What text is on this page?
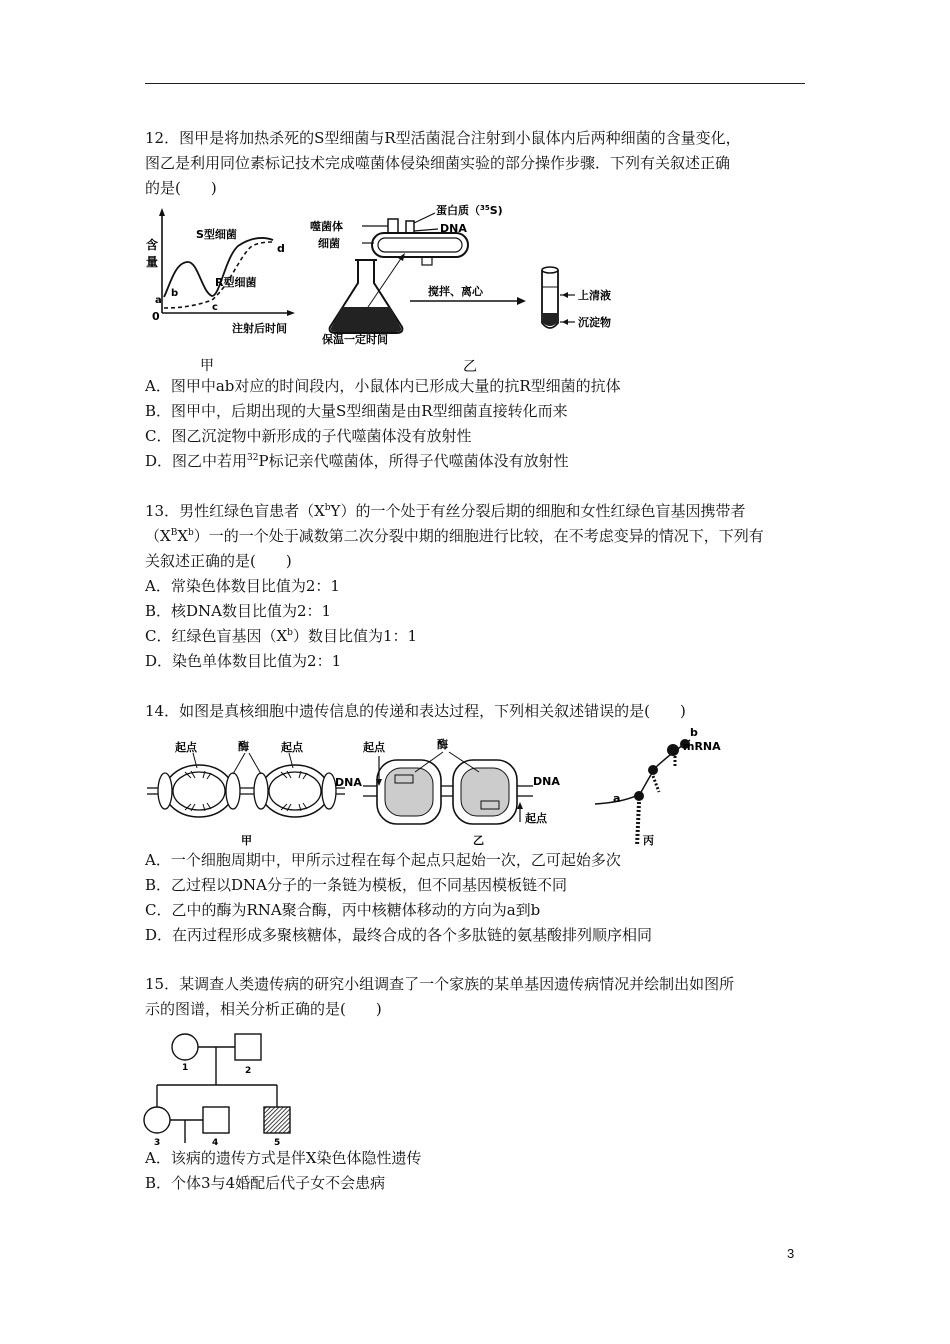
12．图甲是将加热杀死的S型细菌与R型活菌混合注射到小鼠体内后两种细菌的含量变化，
图乙是利用同位素标记技术完成噬菌体侵染细菌实验的部分操作步骤．下列有关叙述正确
的是(　　)
含
量
S型细菌
R型细菌
a
b
c
d
0
注射后时间
甲
噬菌体
细菌
蛋白质（$^{35}$S)
DNA
保温一定时间
搅拌、离心	上清液
沉淀物
乙
A．图甲中ab对应的时间段内，小鼠体内已形成大量的抗R型细菌的抗体
B．图甲中，后期出现的大量S型细菌是由R型细菌直接转化而来
C．图乙沉淀物中新形成的子代噬菌体没有放射性
D．图乙中若用$^{32}$P标记亲代噬菌体，所得子代噬菌体没有放射性
13．男性红绿色盲患者$(X^bY)$的一个处于有丝分裂后期的细胞和女性红绿色盲基因携带者
$(X^BX^b)$一的一个处于减数第二次分裂中期的细胞进行比较，在不考虑变异的情况下，下列有
关叙述正确的是(　　)
A．常染色体数目比值为2：1
B．核DNA数目比值为2：1
C．红绿色盲基因$(X^b)$数目比值为1：1
D．染色单体数目比值为2：1
14．如图是真核细胞中遗传信息的传递和表达过程，下列相关叙述错误的是(　　)
起点	酶	起点
DNA
甲
起点	酶
DNA
起点
乙
b
mRNA
a
丙
A．一个细胞周期中，甲所示过程在每个起点只起始一次，乙可起始多次
B．乙过程以DNA分子的一条链为模板，但不同基因模板链不同
C．乙中的酶为RNA聚合酶，丙中核糖体移动的方向为a到b
D．在丙过程形成多聚核糖体，最终合成的各个多肽链的氨基酸排列顺序相同
15．某调查人类遗传病的研究小组调查了一个家族的某单基因遗传病情况并绘制出如图所
示的图谱，相关分析正确的是(　　)
1	2
3	4	5
A．该病的遗传方式是伴X染色体隐性遗传
B．个体3与4婚配后代子女不会患病
3
